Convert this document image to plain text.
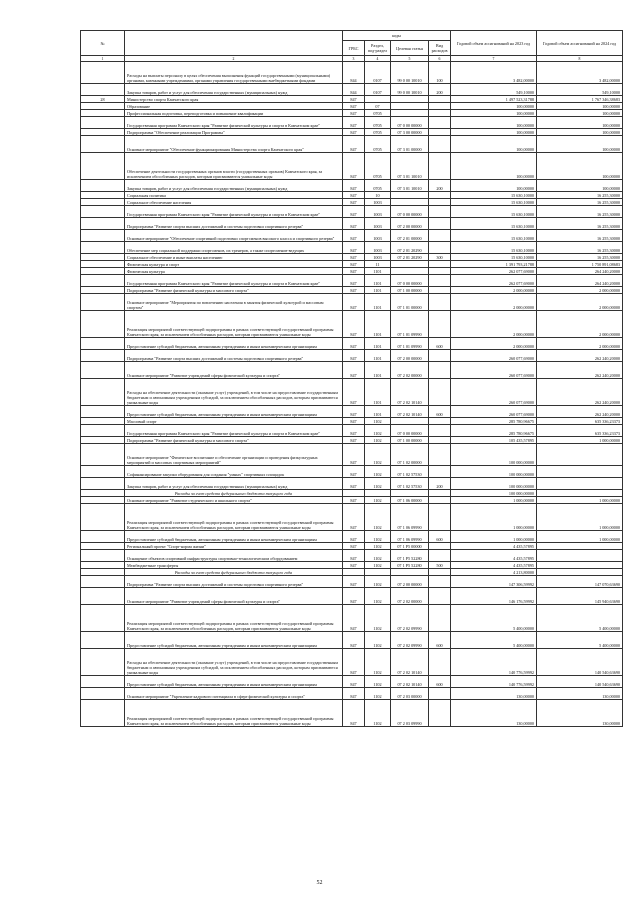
№		коды				Годовой объем ассигнований на 2023 год	Годовой объем ассигнований на 2024 год
		ГРБС	Раздел, под-раздел	Целевая статья	Вид расходов		
1	2	3	4	5	6	7	8
	Расходы на выплаты персоналу в целях обеспечения выполнения функций государственными (муниципальными) органами, казенными учреждениями, органами управления государственными внебюджетными фондами	844	0107	99 0 00 10010	100	3 482,00000	3 482,00000
	Закупка товаров, работ и услуг для обеспечения государственных (муниципальных) нужд	844	0107	99 0 00 10010	200	549,10000	549,10000
28	Министерство спорта Камчатского края	847				1 497 523,31788	1 767 346,38683
	Образование	847	07			100,00000	100,00000
	Профессиональная подготовка, переподготовка и повышение квалификации	847	0705			100,00000	100,00000
	Государственная программа Камчатского края "Развитие физической культуры и спорта в Камчатском крае"	847	0705	07 0 00 00000		100,00000	100,00000
	Подпрограмма "Обеспечение реализации Программы"	847	0705	07 3 00 00000		100,00000	100,00000
	Основное мероприятие "Обеспечение функционирования Министерства спорта Камчатского края"	847	0705	07 3 01 00000		100,00000	100,00000
	Обеспечение деятельности государственных органов власти (государственных органов) Камчатского края, за исключением обособленных расходов, которым присваиваются уникальные коды	847	0705	07 3 01 10010		100,00000	100,00000
	Закупка товаров, работ и услуг для обеспечения государственных (муниципальных) нужд	847	0705	07 3 01 10010	200	100,00000	100,00000
	Социальная политика	847	10			15 630,10000	16 255,30000
	Социальное обеспечение населения	847	1003			15 630,10000	16 255,30000
	Государственная программа Камчатского края "Развитие физической культуры и спорта в Камчатском крае"	847	1003	07 0 00 00000		15 630,10000	16 255,30000
	Подпрограмма "Развитие спорта высших достижений и системы подготовки спортивного резерва"	847	1003	07 2 00 00000		15 630,10000	16 255,30000
	Основное мероприятие "Обеспечение спортивной подготовки спортсменов высокого класса и спортивного резерва"	847	1003	07 2 01 00000		15 630,10000	16 255,30000
	Обеспечение мер социальной поддержки спортсменов, их тренеров, а также спортсменов-ведущих	847	1003	07 2 01 20290		15 630,10000	16 255,30000
	Социальное обеспечение и иные выплаты населению	847	1003	07 2 01 20290	300	15 630,10000	16 255,30000
	Физическая культура и спорт	847	11			1 391 793,21788	1 750 891,08683
	Физическая культура	847	1101			262 077,69000	264 240,20000
	Государственная программа Камчатского края "Развитие физической культуры и спорта в Камчатском крае"	847	1101	07 0 00 00000		262 077,69000	264 240,20000
	Подпрограмма "Развитие физической культуры и массового спорта"	847	1101	07 1 00 00000		2 000,00000	2 000,00000
	Основное мероприятие "Мероприятия по вовлечению населения в занятия физической культурой и массовым спортом"	847	1101	07 1 01 00000		2 000,00000	2 000,00000
	Реализация мероприятий соответствующей подпрограммы в рамках соответствующей государственной программы Камчатского края, за исключением обособленных расходов, которым присваиваются уникальные коды	847	1101	07 1 01 09990		2 000,00000	2 000,00000
	Предоставление субсидий бюджетным, автономным учреждениям и иным некоммерческим организациям	847	1101	07 1 01 09990	600	2 000,00000	2 000,00000
	Подпрограмма "Развитие спорта высших достижений и системы подготовки спортивного резерва"	847	1101	07 2 00 00000		260 077,69000	262 240,20000
	Основное мероприятие "Развитие учреждений сферы физической культуры и спорта"	847	1101	07 2 02 00000		260 077,69000	262 240,20000
	Расходы на обеспечение деятельности (оказание услуг) учреждений, в том числе на предоставление государственным бюджетным и автономным учреждениям субсидий, за исключением обособленных расходов, которым присваиваются уникальные коды	847	1101	07 2 02 10140		260 077,69000	262 240,20000
	Предоставление субсидий бюджетным, автономным учреждениям и иным некоммерческим организациям	847	1101	07 2 02 10140	600	260 077,69000	262 240,20000
	Массовый спорт	847	1102			285 780,96675	635 336,23373
	Государственная программа Камчатского края "Развитие физической культуры и спорта в Камчатском крае"	847	1102	07 0 00 00000		285 780,96675	635 336,23373
	Подпрограмма "Развитие физической культуры и массового спорта"	847	1102	07 1 00 00000		105 435,57895	1 000,00000
	Основное мероприятие "Физическое воспитание и обеспечение организации и проведения физкультурных мероприятий и массовых спортивных мероприятий"	847	1102	07 1 02 00000		100 000,00000	
	Софинансирование закупки оборудования для создания "умных" спортивных площадок	847	1102	07 1 02 57530		100 000,00000	
	Закупка товаров, работ и услуг для обеспечения государственных (муниципальных) нужд	847	1102	07 1 02 57530	200	100 000,00000	
	Расходы за счет средств федерального бюджета текущего года					100 000,00000	
	Основное мероприятие "Развитие студенческого и школьного спорта"	847	1102	07 1 06 00000		1 000,00000	1 000,00000
	Реализация мероприятий соответствующей подпрограммы в рамках соответствующей государственной программы Камчатского края, за исключением обособленных расходов, которым присваиваются уникальные коды	847	1102	07 1 06 09990		1 000,00000	1 000,00000
	Предоставление субсидий бюджетным, автономным учреждениям и иным некоммерческим организациям	847	1102	07 1 06 09990	600	1 000,00000	1 000,00000
	Региональный проект "Спорт-норма жизни"	847	1102	07 1 P5 00000		4 435,57895	
	Оснащение объектов спортивной инфраструктуры спортивно-технологическим оборудованием	847	1102	07 1 P5 52280		4 435,57895	
	Межбюджетные трансферты	847	1102	07 1 P5 52280	500	4 435,57895	
	Расходы за счет средств федерального бюджета текущего года					4 213,80000	
	Подпрограмма "Развитие спорта высших достижений и системы подготовки спортивного резерва"	847	1102	07 2 00 00000		147 306,59992	147 070,63690
	Основное мероприятие "Развитие учреждений сферы физической культуры и спорта"	847	1102	07 2 02 00000		146 176,59992	145 940,63690
	Реализация мероприятий соответствующей подпрограммы в рамках соответствующей государственной программы Камчатского края, за исключением обособленных расходов, которым присваиваются уникальные коды	847	1102	07 2 02 09990		5 400,00000	5 400,00000
	Предоставление субсидий бюджетным, автономным учреждениям и иным некоммерческим организациям	847	1102	07 2 02 09990	600	5 400,00000	5 400,00000
	Расходы на обеспечение деятельности (оказание услуг) учреждений, в том числе на предоставление государственным бюджетным и автономным учреждениям субсидий, за исключением обособленных расходов, которым присваиваются уникальные коды	847	1102	07 2 02 10140		140 776,59992	140 540,63690
	Предоставление субсидий бюджетным, автономным учреждениям и иным некоммерческим организациям	847	1102	07 2 02 10140	600	140 776,59992	140 540,63690
	Основное мероприятие "Укрепление кадрового потенциала в сфере физической культуры и спорта"	847	1102	07 2 03 00000		130,00000	130,00000
	Реализация мероприятий соответствующей подпрограммы в рамках соответствующей государственной программы Камчатского края, за исключением обособленных расходов, которым присваиваются уникальные коды	847	1102	07 2 03 09990		130,00000	130,00000
52
